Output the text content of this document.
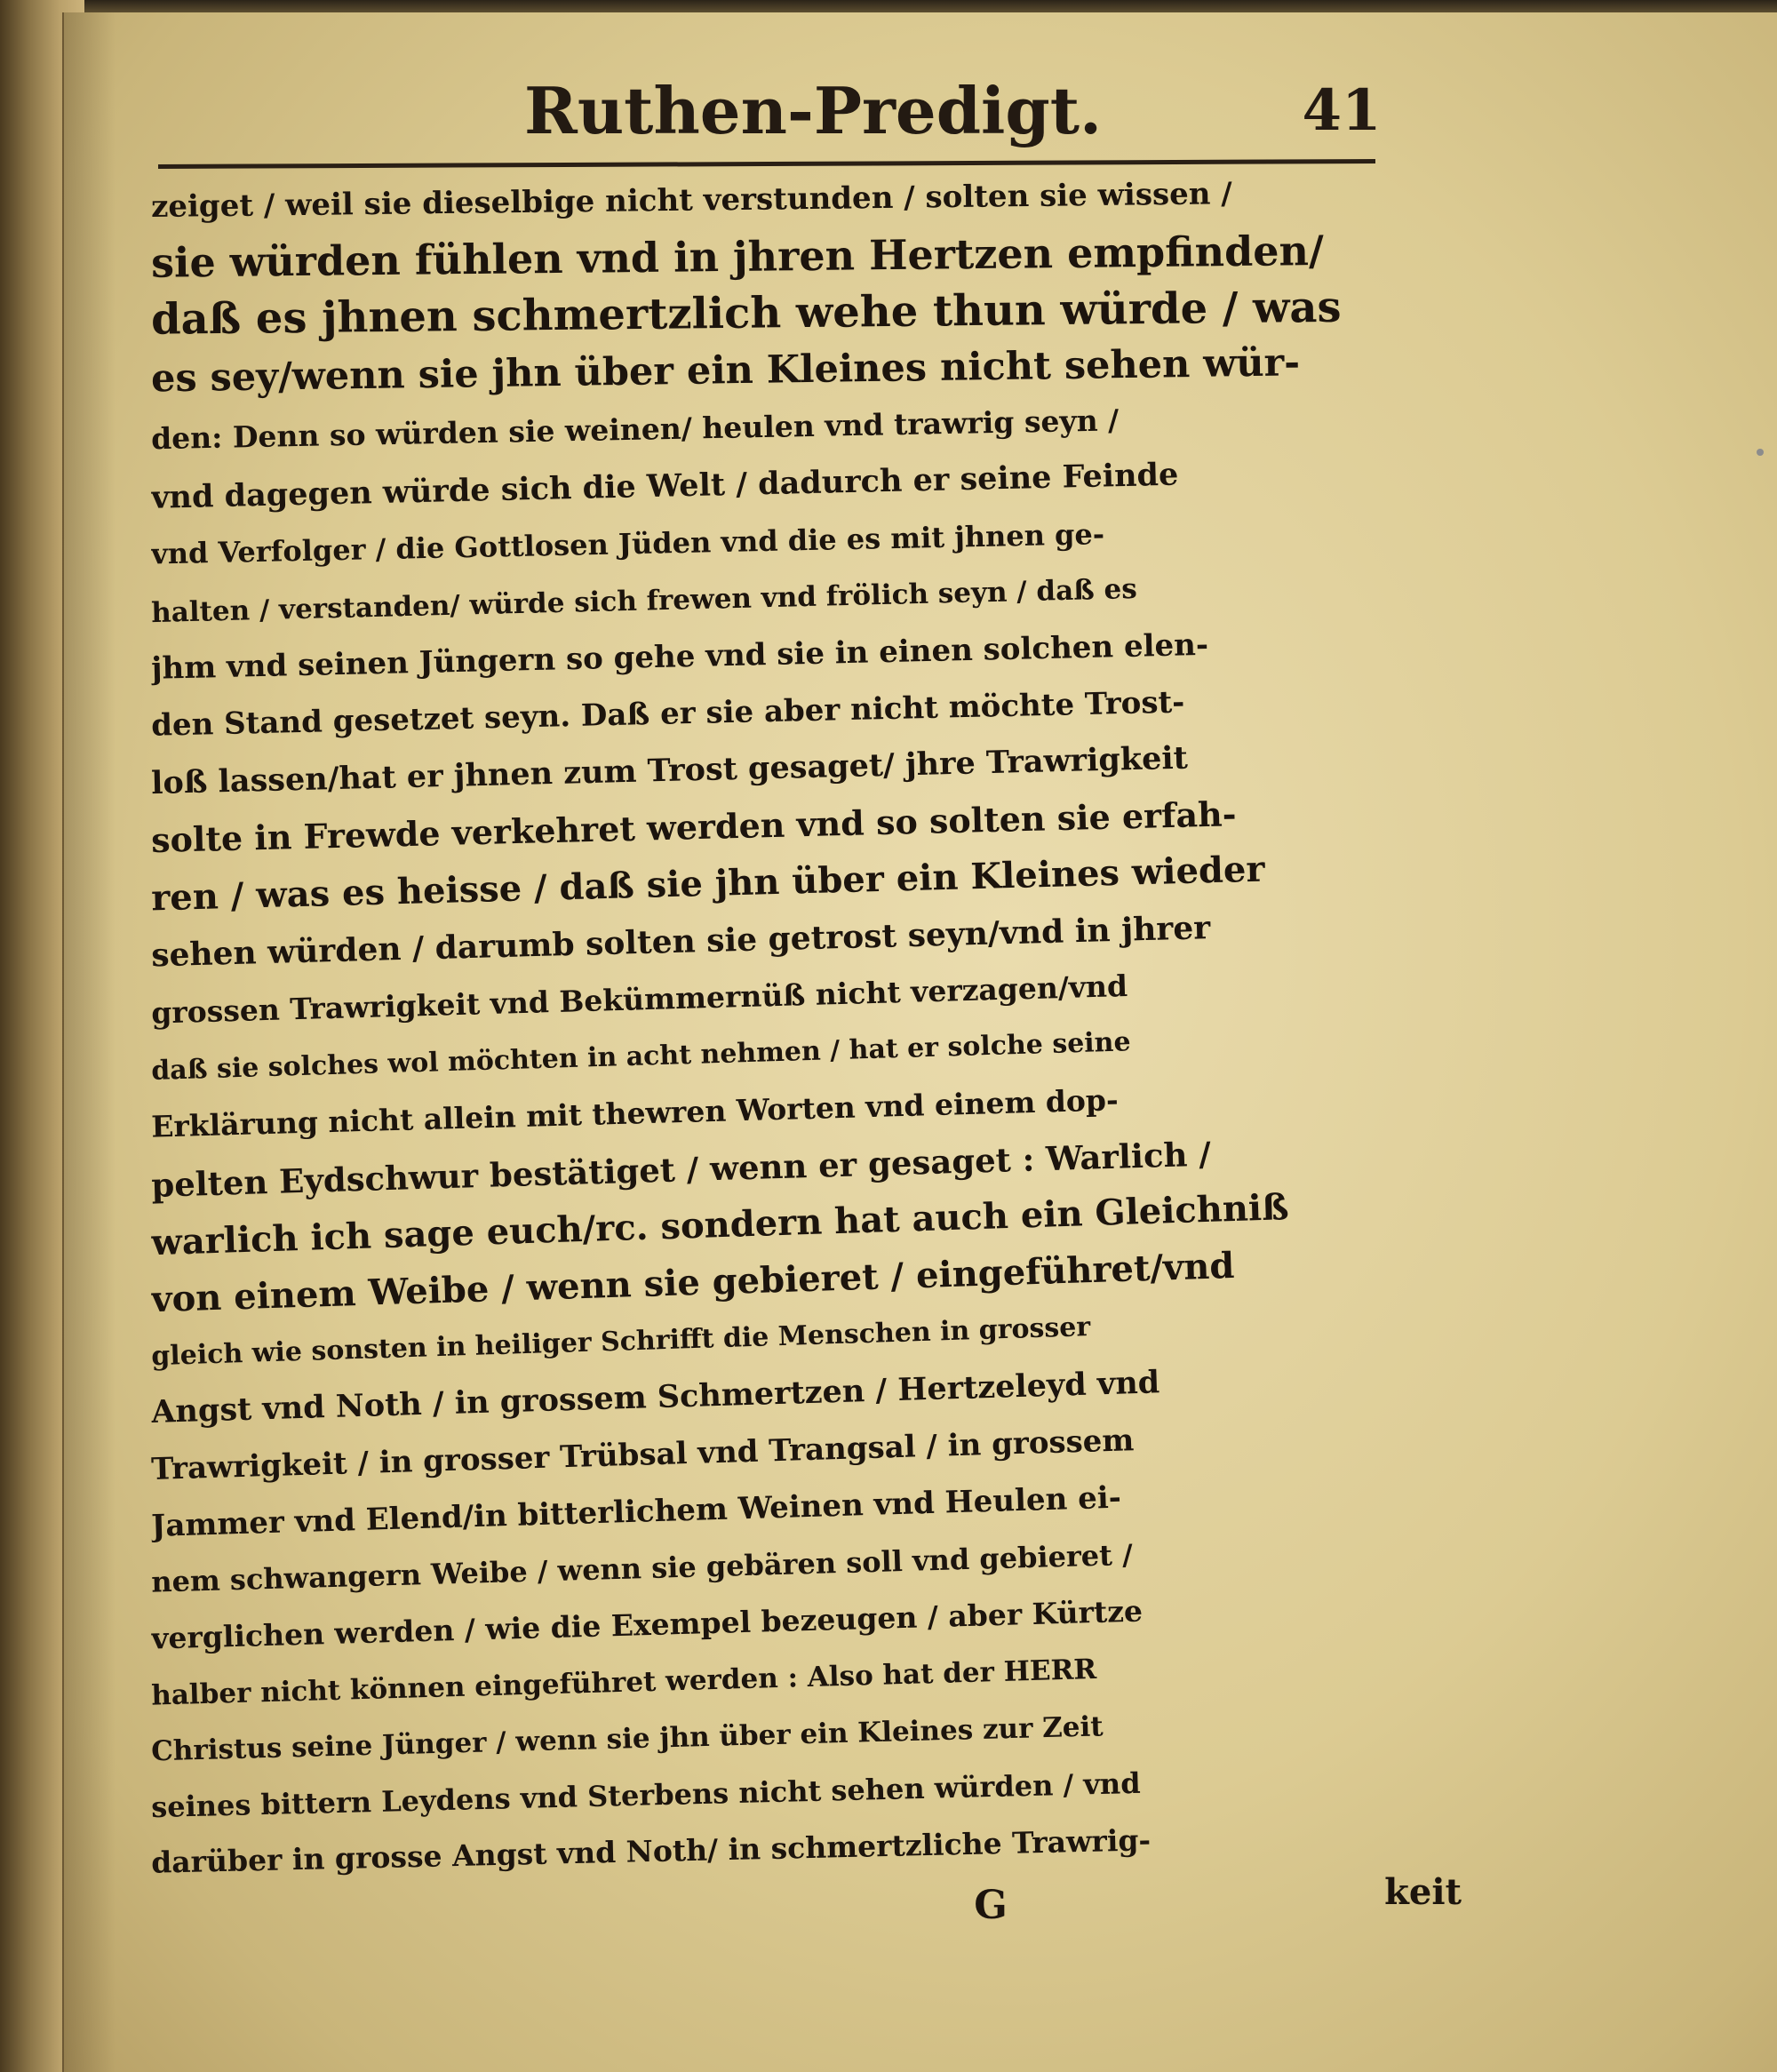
Ruthen-Predigt.	41
zeiget / weil sie dieselbige nicht verstunden / solten sie wissen /
sie würden fühlen vnd in jhren Hertzen empfinden/
daß es jhnen schmertzlich wehe thun würde / was
es sey/wenn sie jhn über ein Kleines nicht sehen wür-
den: Denn so würden sie weinen/ heulen vnd trawrig seyn /
vnd dagegen würde sich die Welt / dadurch er seine Feinde
vnd Verfolger / die Gottlosen Jüden vnd die es mit jhnen ge-
halten / verstanden/ würde sich frewen vnd frölich seyn / daß es
jhm vnd seinen Jüngern so gehe vnd sie in einen solchen elen-
den Stand gesetzet seyn. Daß er sie aber nicht möchte Trost-
loß lassen/hat er jhnen zum Trost gesaget/ jhre Trawrigkeit
solte in Frewde verkehret werden vnd so solten sie erfah-
ren / was es heisse / daß sie jhn über ein Kleines wieder
sehen würden / darumb solten sie getrost seyn/vnd in jhrer
grossen Trawrigkeit vnd Bekümmernüß nicht verzagen/vnd
daß sie solches wol möchten in acht nehmen / hat er solche seine
Erklärung nicht allein mit thewren Worten vnd einem dop-
pelten Eydschwur bestätiget / wenn er gesaget : Warlich /
warlich ich sage euch/rc. sondern hat auch ein Gleichniß
von einem Weibe / wenn sie gebieret / eingeführet/vnd
gleich wie sonsten in heiliger Schrifft die Menschen in grosser
Angst vnd Noth / in grossem Schmertzen / Hertzeleyd vnd
Trawrigkeit / in grosser Trübsal vnd Trangsal / in grossem
Jammer vnd Elend/in bitterlichem Weinen vnd Heulen ei-
nem schwangern Weibe / wenn sie gebären soll vnd gebieret /
verglichen werden / wie die Exempel bezeugen / aber Kürtze
halber nicht können eingeführet werden : Also hat der HERR
Christus seine Jünger / wenn sie jhn über ein Kleines zur Zeit
seines bittern Leydens vnd Sterbens nicht sehen würden / vnd
darüber in grosse Angst vnd Noth/ in schmertzliche Trawrig-
G	keit
